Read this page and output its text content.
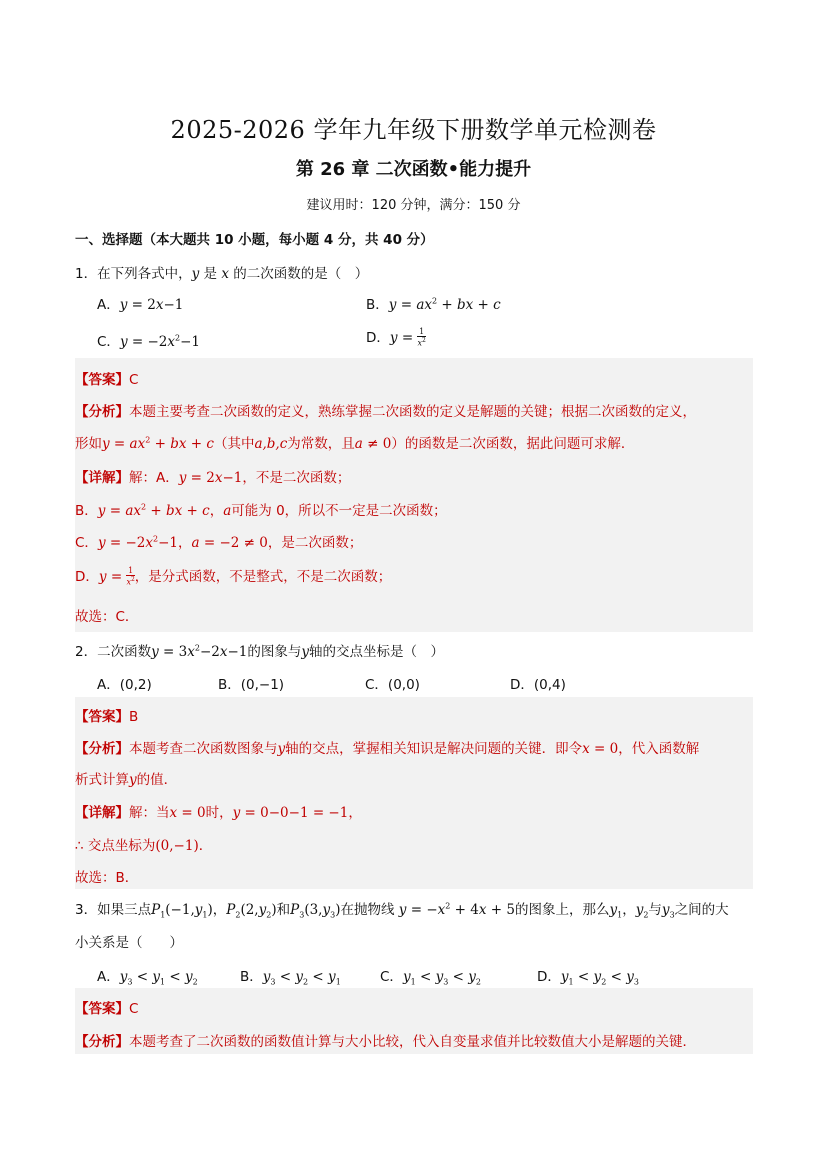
2025-2026 学年九年级下册数学单元检测卷
第 26 章 二次函数•能力提升
建议用时：120 分钟，满分：150 分
一、选择题（本大题共 10 小题，每小题 4 分，共 40 分）
1．在下列各式中，y 是 x 的二次函数的是（　）
A．y = 2x−1	B．$y = ax^2$ + bx + c
C．$y = -2x^2-1$	D．$y = \frac{1}{x^2}$
【答案】C
【分析】本题主要考查二次函数的定义，熟练掌握二次函数的定义是解题的关键；根据二次函数的定义，
形如$y = ax^2$ + bx + c（其中a,b,c为常数，且a ≠ 0）的函数是二次函数，据此问题可求解．
【详解】解：A．y = 2x−1，不是二次函数；
B．$y = ax^2$ + bx + c，a可能为 0，所以不一定是二次函数；
C．$y = -2x^2-1$，a = −2 ≠ 0，是二次函数；
D．$y = \frac{1}{x^2}$ ，是分式函数，不是整式，不是二次函数；
故选：C．
2．二次函数$y = 3x^2-2x-1$的图象与y轴的交点坐标是（　）
A．(0,2)	B．(0,−1)	C．(0,0)	D．(0,4)
【答案】B
【分析】本题考查二次函数图象与y轴的交点，掌握相关知识是解决问题的关键．即令x = 0，代入函数解
析式计算y的值．
【详解】解：当x = 0时，y = 0−0−1 = −1，
∴ 交点坐标为(0,−1)．
故选：B．
3．如果三点$P_1(-1,y_1)$，$P_2(2,y_2)$和$P_3(3,y_3)$在抛物线 $y = -x^2 + 4x + 5$的图象上，那么$y_1$，$y_2$与$y_3$之间的大
小关系是（　　）
A．$y_3 < y_1 < y_2$	B．$y_3 < y_2 < y_1$	C．$y_1 < y_3 < y_2$	D．$y_1 < y_2 < y_3$
【答案】C
【分析】本题考查了二次函数的函数值计算与大小比较，代入自变量求值并比较数值大小是解题的关键．
